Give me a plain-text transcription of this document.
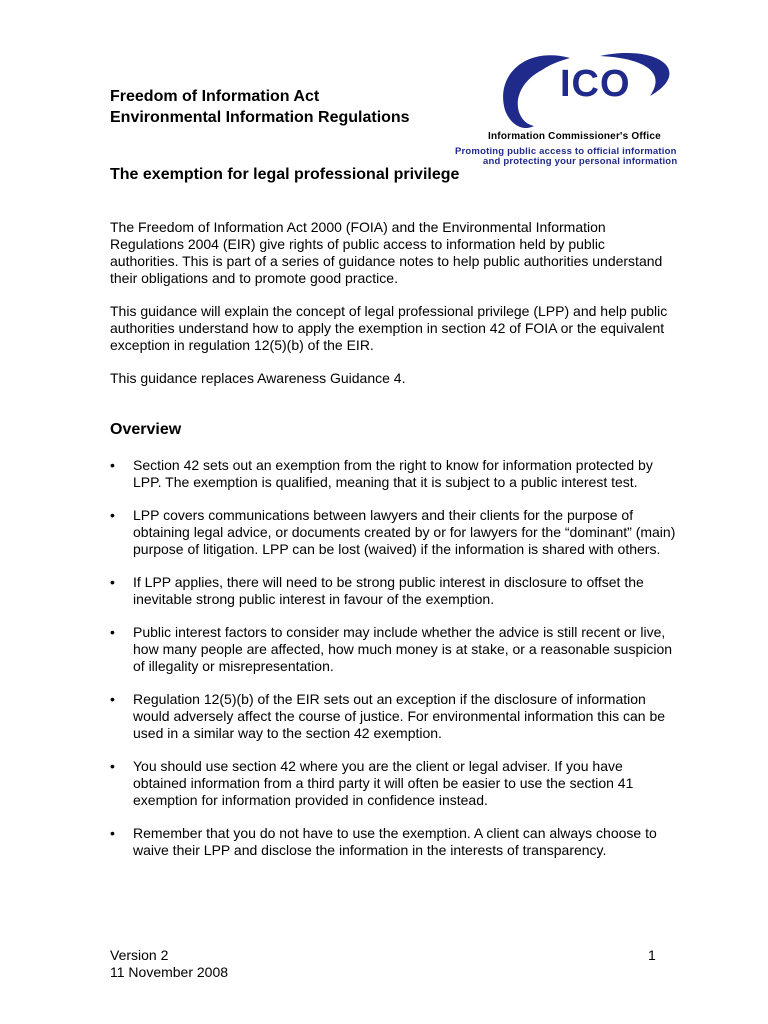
Freedom of Information Act
Environmental Information Regulations
ICO
Information Commissioner's Office
Promoting public access to official information
and protecting your personal information
The exemption for legal professional privilege

The Freedom of Information Act 2000 (FOIA) and the Environmental Information Regulations 2004 (EIR) give rights of public access to information held by public authorities. This is part of a series of guidance notes to help public authorities understand their obligations and to promote good practice.

This guidance will explain the concept of legal professional privilege (LPP) and help public authorities understand how to apply the exemption in section 42 of FOIA or the equivalent exception in regulation 12(5)(b) of the EIR.

This guidance replaces Awareness Guidance 4.

Overview
•	Section 42 sets out an exemption from the right to know for information protected by LPP. The exemption is qualified, meaning that it is subject to a public interest test.
•	LPP covers communications between lawyers and their clients for the purpose of obtaining legal advice, or documents created by or for lawyers for the “dominant” (main) purpose of litigation. LPP can be lost (waived) if the information is shared with others.
•	If LPP applies, there will need to be strong public interest in disclosure to offset the inevitable strong public interest in favour of the exemption.
•	Public interest factors to consider may include whether the advice is still recent or live, how many people are affected, how much money is at stake, or a reasonable suspicion of illegality or misrepresentation.
•	Regulation 12(5)(b) of the EIR sets out an exception if the disclosure of information would adversely affect the course of justice. For environmental information this can be used in a similar way to the section 42 exemption.
•	You should use section 42 where you are the client or legal adviser. If you have obtained information from a third party it will often be easier to use the section 41 exemption for information provided in confidence instead.
•	Remember that you do not have to use the exemption. A client can always choose to waive their LPP and disclose the information in the interests of transparency.
Version 2
11 November 2008
1
